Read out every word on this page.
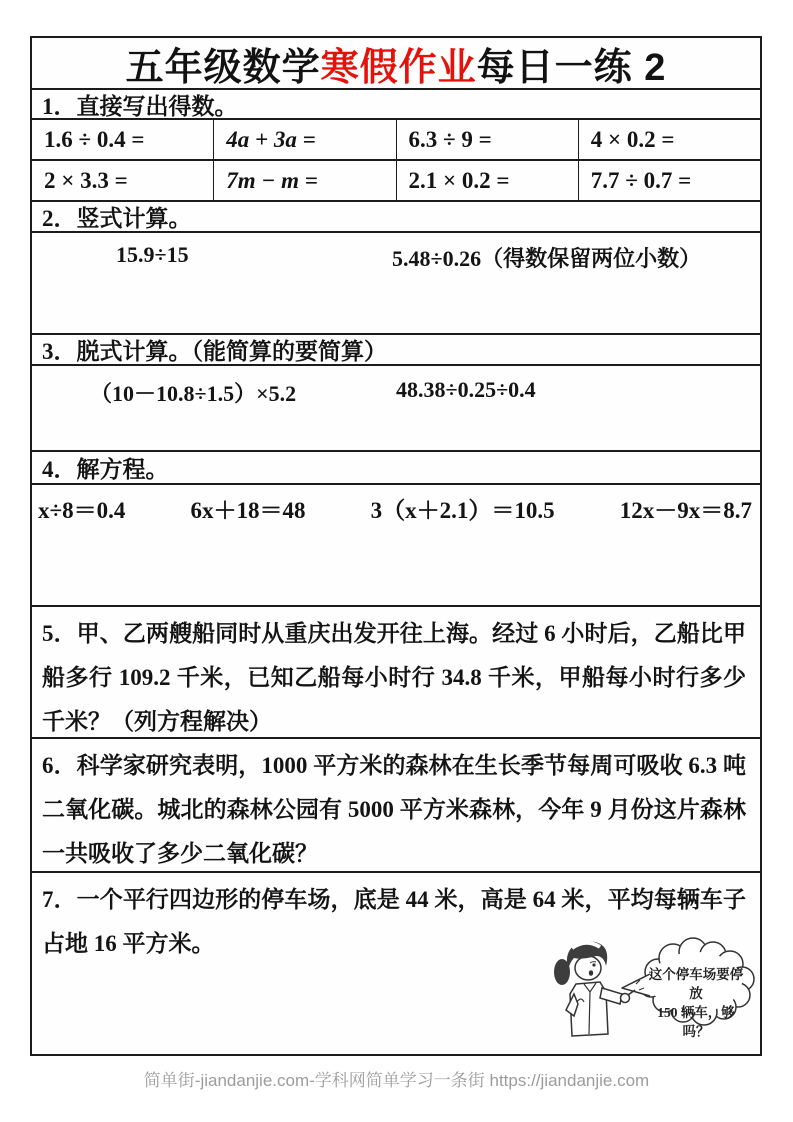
五年级数学 寒假作业 每日一练 2
1．直接写出得数。
1.6 ÷ 0.4 =	4a + 3a =	6.3 ÷ 9 =	4 × 0.2 =
2 × 3.3 =	7m − m =	2.1 × 0.2 =	7.7 ÷ 0.7 =
2．竖式计算。
15.9÷15	5.48÷0.26（得数保留两位小数）
3．脱式计算。（能简算的要简算）
（10－10.8÷1.5）×5.2	48.38÷0.25÷0.4
4．解方程。
x÷8＝0.4	6x＋18＝48	3（x＋2.1）＝10.5	12x－9x＝8.7
5．甲、乙两艘船同时从重庆出发开往上海。经过 6 小时后，乙船比甲船多行 109.2 千米，已知乙船每小时行 34.8 千米，甲船每小时行多少千米？（列方程解决）
6．科学家研究表明，1000 平方米的森林在生长季节每周可吸收 6.3 吨二氧化碳。城北的森林公园有 5000 平方米森林，今年 9 月份这片森林一共吸收了多少二氧化碳？
7．一个平行四边形的停车场，底是 44 米，高是 64 米，平均每辆车子占地 16 平方米。
这个停车场要停放
150 辆车，够吗？
简单街-jiandanjie.com-学科网简单学习一条街 https://jiandanjie.com
